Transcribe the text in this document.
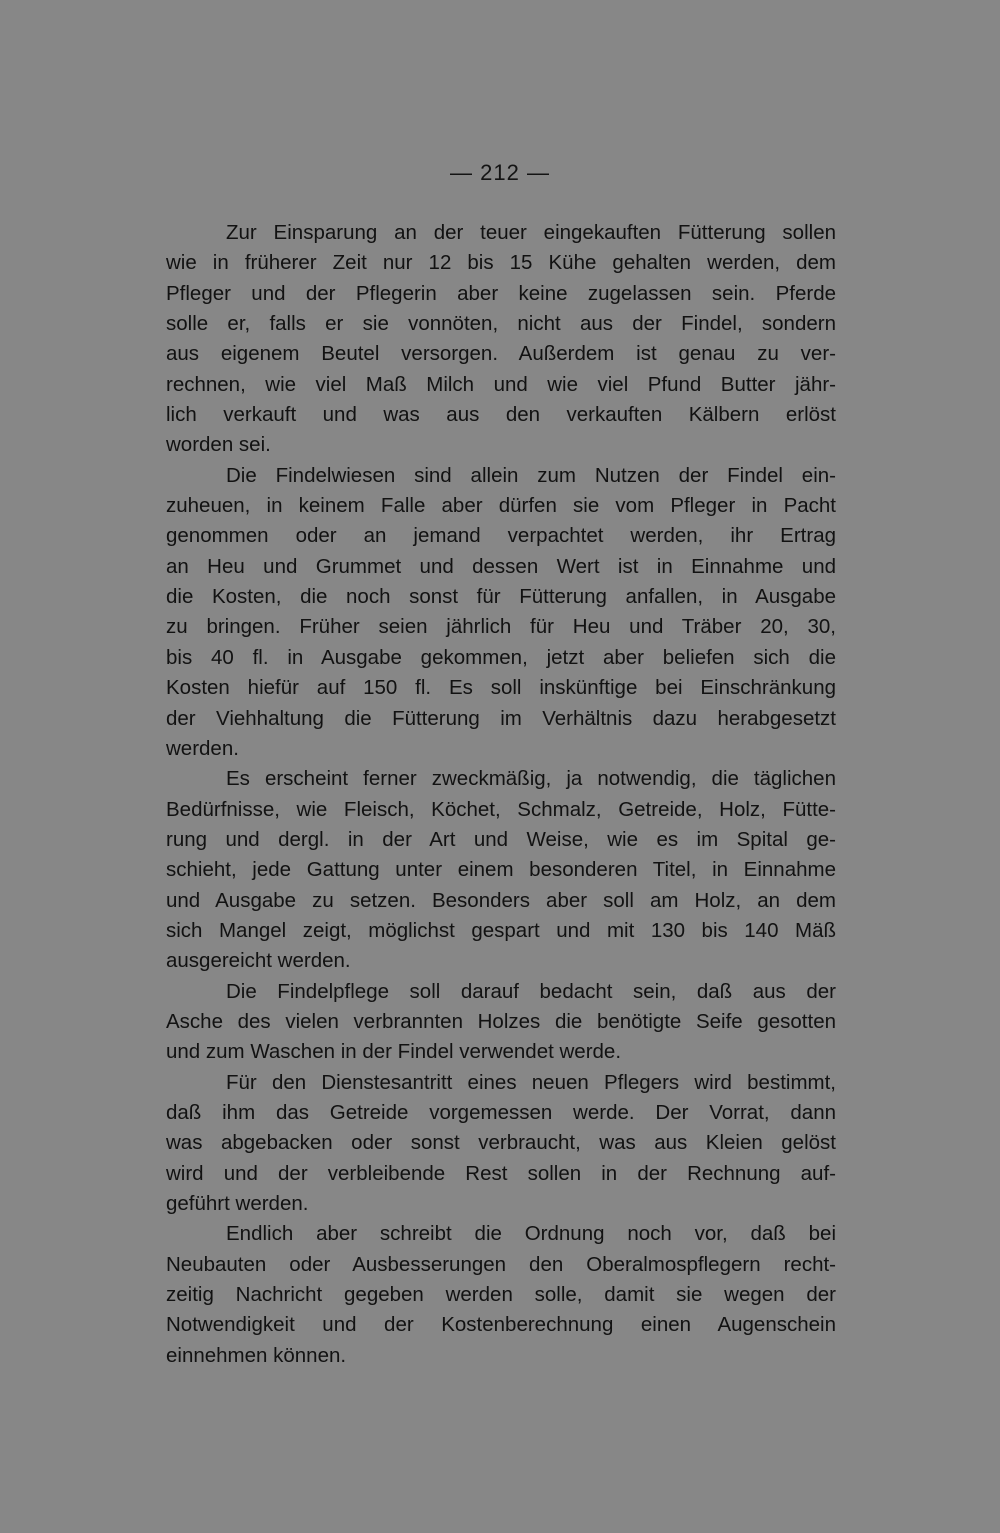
— 212 —
Zur Einsparung an der teuer eingekauften Fütterung sollen
wie in früherer Zeit nur 12 bis 15 Kühe gehalten werden, dem
Pfleger und der Pflegerin aber keine zugelassen sein. Pferde
solle er, falls er sie vonnöten, nicht aus der Findel, sondern
aus eigenem Beutel versorgen. Außerdem ist genau zu ver-
rechnen, wie viel Maß Milch und wie viel Pfund Butter jähr-
lich verkauft und was aus den verkauften Kälbern erlöst
worden sei.
Die Findelwiesen sind allein zum Nutzen der Findel ein-
zuheuen, in keinem Falle aber dürfen sie vom Pfleger in Pacht
genommen oder an jemand verpachtet werden, ihr Ertrag
an Heu und Grummet und dessen Wert ist in Einnahme und
die Kosten, die noch sonst für Fütterung anfallen, in Ausgabe
zu bringen. Früher seien jährlich für Heu und Träber 20, 30,
bis 40 fl. in Ausgabe gekommen, jetzt aber beliefen sich die
Kosten hiefür auf 150 fl. Es soll inskünftige bei Einschränkung
der Viehhaltung die Fütterung im Verhältnis dazu herabgesetzt
werden.
Es erscheint ferner zweckmäßig, ja notwendig, die täglichen
Bedürfnisse, wie Fleisch, Köchet, Schmalz, Getreide, Holz, Fütte-
rung und dergl. in der Art und Weise, wie es im Spital ge-
schieht, jede Gattung unter einem besonderen Titel, in Einnahme
und Ausgabe zu setzen. Besonders aber soll am Holz, an dem
sich Mangel zeigt, möglichst gespart und mit 130 bis 140 Mäß
ausgereicht werden.
Die Findelpflege soll darauf bedacht sein, daß aus der
Asche des vielen verbrannten Holzes die benötigte Seife gesotten
und zum Waschen in der Findel verwendet werde.
Für den Dienstesantritt eines neuen Pflegers wird bestimmt,
daß ihm das Getreide vorgemessen werde. Der Vorrat, dann
was abgebacken oder sonst verbraucht, was aus Kleien gelöst
wird und der verbleibende Rest sollen in der Rechnung auf-
geführt werden.
Endlich aber schreibt die Ordnung noch vor, daß bei
Neubauten oder Ausbesserungen den Oberalmospflegern recht-
zeitig Nachricht gegeben werden solle, damit sie wegen der
Notwendigkeit und der Kostenberechnung einen Augenschein
einnehmen können.
